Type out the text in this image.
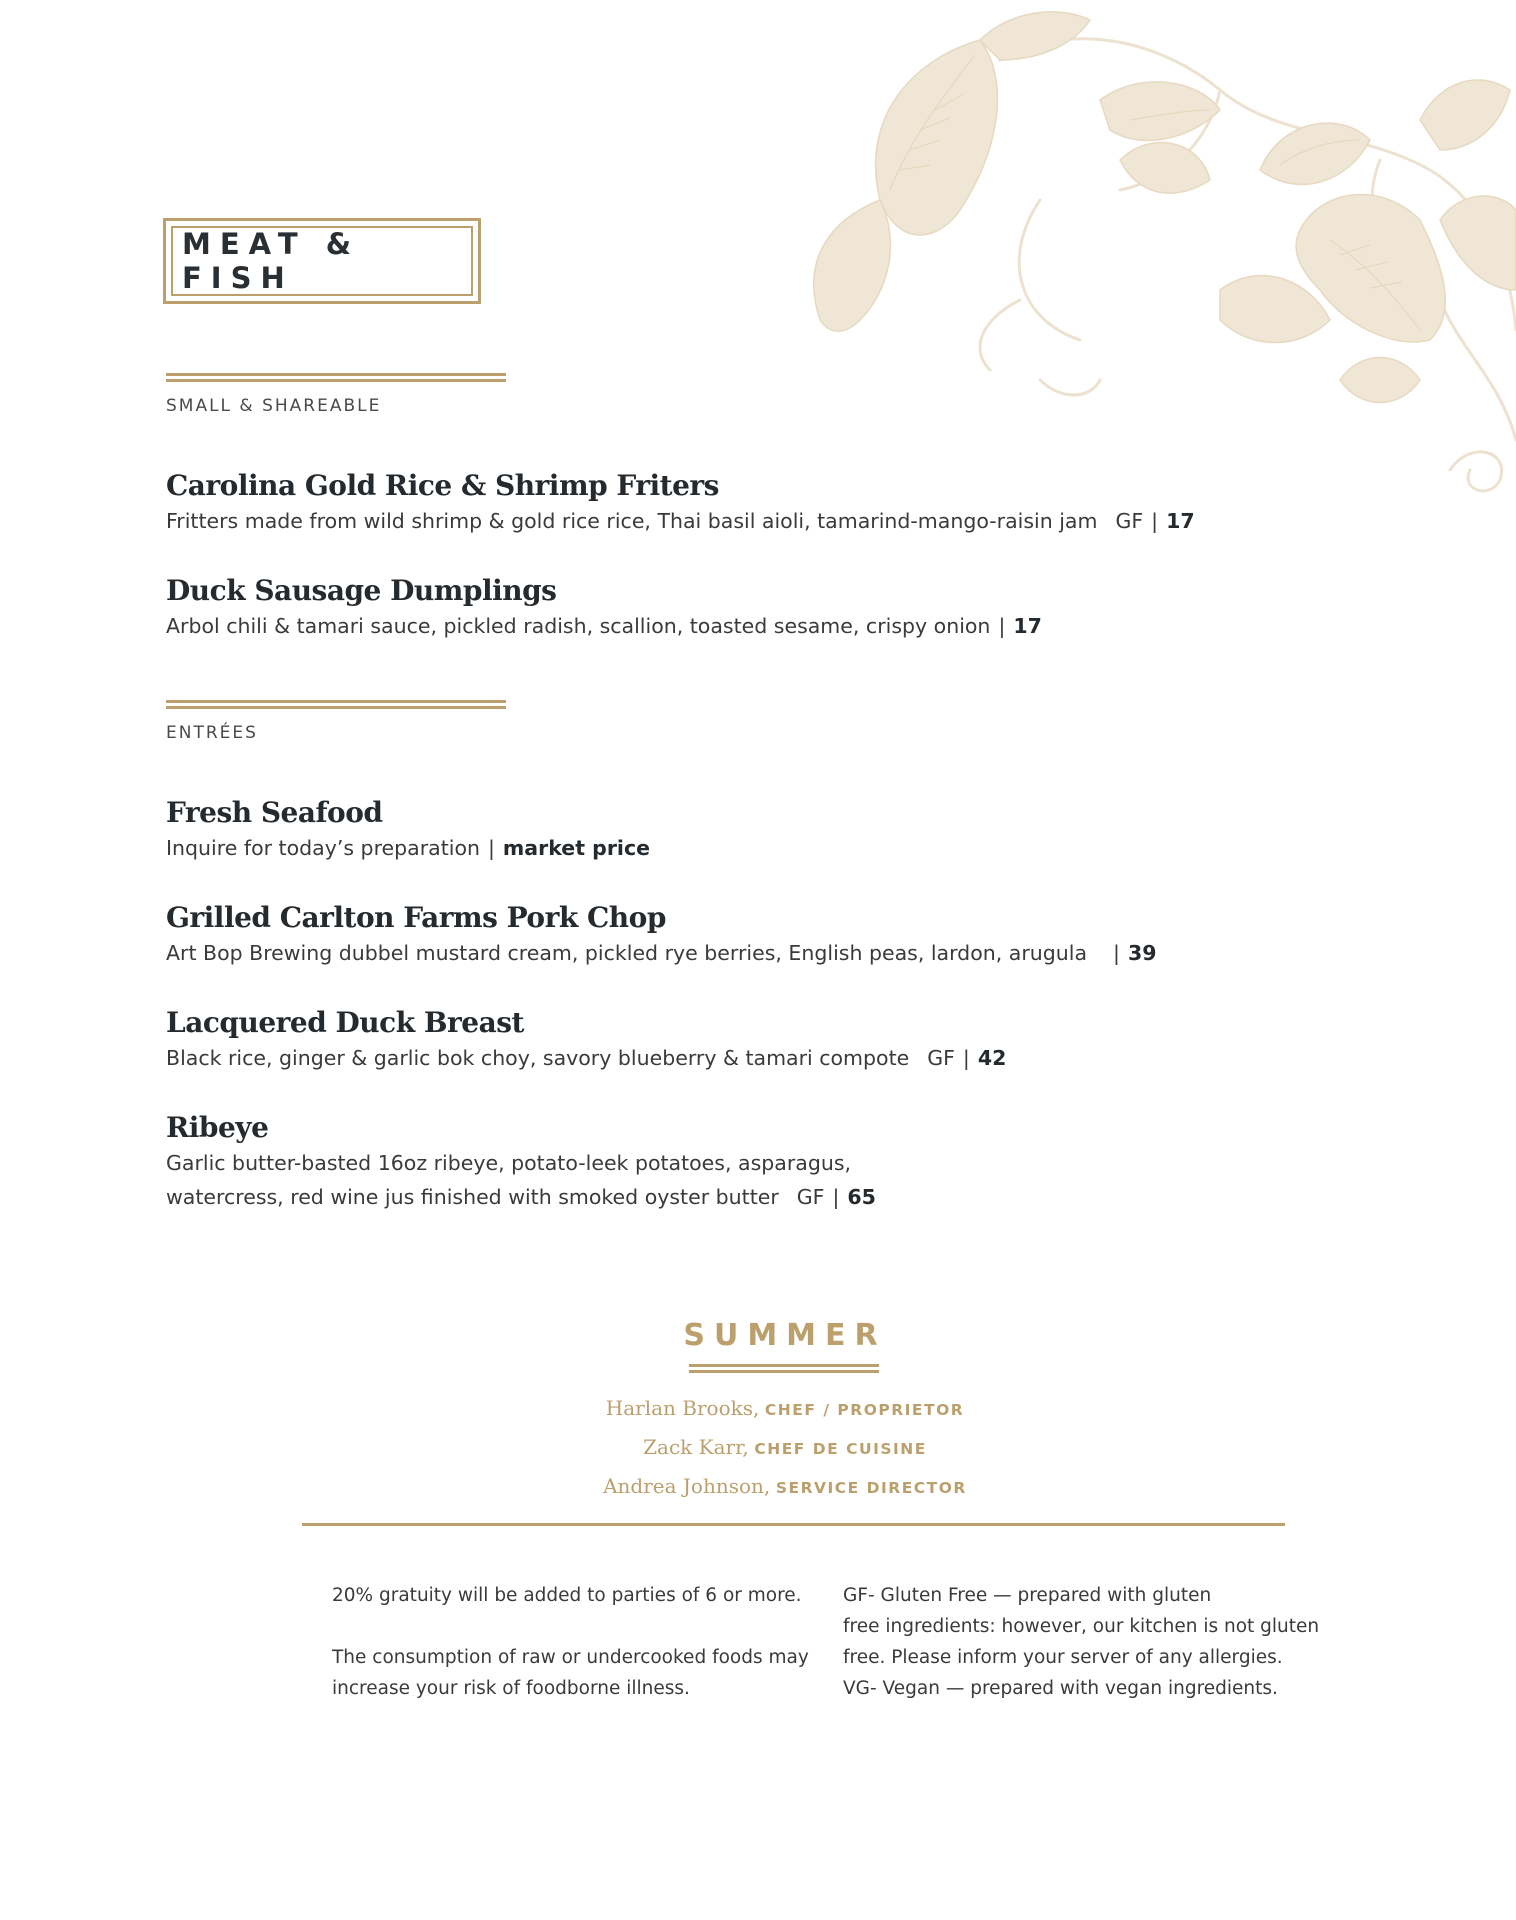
MEAT & FISH
SMALL & SHAREABLE
Carolina Gold Rice & Shrimp Friters
Fritters made from wild shrimp & gold rice rice, Thai basil aioli, tamarind-mango-raisin jam GF | 17
Duck Sausage Dumplings
Arbol chili & tamari sauce, pickled radish, scallion, toasted sesame, crispy onion | 17
ENTRÉES
Fresh Seafood
Inquire for today’s preparation | market price
Grilled Carlton Farms Pork Chop
Art Bop Brewing dubbel mustard cream, pickled rye berries, English peas, lardon, arugula | 39
Lacquered Duck Breast
Black rice, ginger & garlic bok choy, savory blueberry & tamari compote GF | 42
Ribeye
Garlic butter-basted 16oz ribeye, potato-leek potatoes, asparagus,
watercress, red wine jus finished with smoked oyster butter GF | 65
SUMMER
Harlan Brooks, CHEF / PROPRIETOR
Zack Karr, CHEF DE CUISINE
Andrea Johnson, SERVICE DIRECTOR

20% gratuity will be added to parties of 6 or more.

The consumption of raw or undercooked foods may

increase your risk of foodborne illness.

GF- Gluten Free — prepared with gluten

free ingredients: however, our kitchen is not gluten

free. Please inform your server of any allergies.

VG- Vegan — prepared with vegan ingredients.
